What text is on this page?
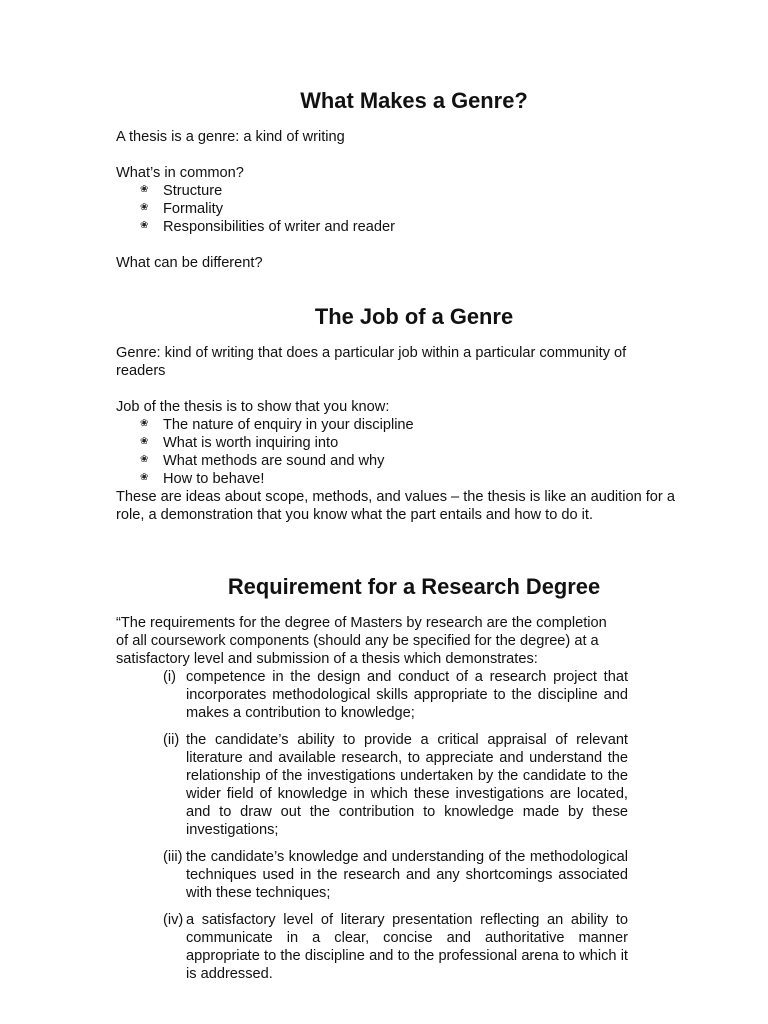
What Makes a Genre?

A thesis is a genre: a kind of writing

What’s in common?

❀ Structure
❀ Formality
❀ Responsibilities of writer and reader

What can be different?

The Job of a Genre

Genre: kind of writing that does a particular job within a particular community of

readers

Job of the thesis is to show that you know:

❀ The nature of enquiry in your discipline
❀ What is worth inquiring into
❀ What methods are sound and why
❀ How to behave!

These are ideas about scope, methods, and values – the thesis is like an audition for a

role, a demonstration that you know what the part entails and how to do it.

Requirement for a Research Degree

“The requirements for the degree of Masters by research are the completion

of all coursework components (should any be specified for the degree) at a

satisfactory level and submission of a thesis which demonstrates:

(i) competence in the design and conduct of a research project that incorporates methodological skills appropriate to the discipline and makes a contribution to knowledge;
(ii) the candidate’s ability to provide a critical appraisal of relevant literature and available research, to appreciate and understand the relationship of the investigations undertaken by the candidate to the wider field of knowledge in which these investigations are located, and to draw out the contribution to knowledge made by these investigations;
(iii) the candidate’s knowledge and understanding of the methodological techniques used in the research and any shortcomings associated with these techniques;
(iv) a satisfactory level of literary presentation reflecting an ability to communicate in a clear, concise and authoritative manner appropriate to the discipline and to the professional arena to which it is addressed.
